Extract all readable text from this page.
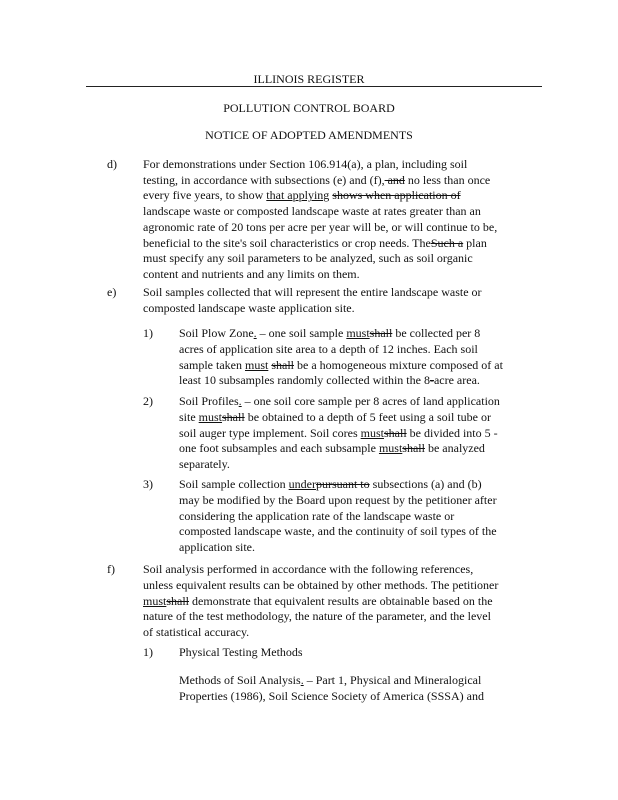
ILLINOIS REGISTER
POLLUTION CONTROL BOARD
NOTICE OF ADOPTED AMENDMENTS
d) For demonstrations under Section 106.914(a), a plan, including soil
testing, in accordance with subsections (e) and (f), and no less than once
every five years, to show that applying shows when application of
landscape waste or composted landscape waste at rates greater than an
agronomic rate of 20 tons per acre per year will be, or will continue to be,
beneficial to the site's soil characteristics or crop needs. TheSuch a plan
must specify any soil parameters to be analyzed, such as soil organic
content and nutrients and any limits on them.
e) Soil samples collected that will represent the entire landscape waste or
composted landscape waste application site.
1) Soil Plow Zone. – one soil sample mustshall be collected per 8
acres of application site area to a depth of 12 inches. Each soil
sample taken must shall be a homogeneous mixture composed of at
least 10 subsamples randomly collected within the 8-acre area.
2) Soil Profiles. – one soil core sample per 8 acres of land application
site mustshall be obtained to a depth of 5 feet using a soil tube or
soil auger type implement. Soil cores mustshall be divided into 5 -
one foot subsamples and each subsample mustshall be analyzed
separately.
3) Soil sample collection underpursuant to subsections (a) and (b)
may be modified by the Board upon request by the petitioner after
considering the application rate of the landscape waste or
composted landscape waste, and the continuity of soil types of the
application site.
f) Soil analysis performed in accordance with the following references,
unless equivalent results can be obtained by other methods. The petitioner
mustshall demonstrate that equivalent results are obtainable based on the
nature of the test methodology, the nature of the parameter, and the level
of statistical accuracy.
1) Physical Testing Methods
Methods of Soil Analysis. – Part 1, Physical and Mineralogical
Properties (1986), Soil Science Society of America (SSSA) and
